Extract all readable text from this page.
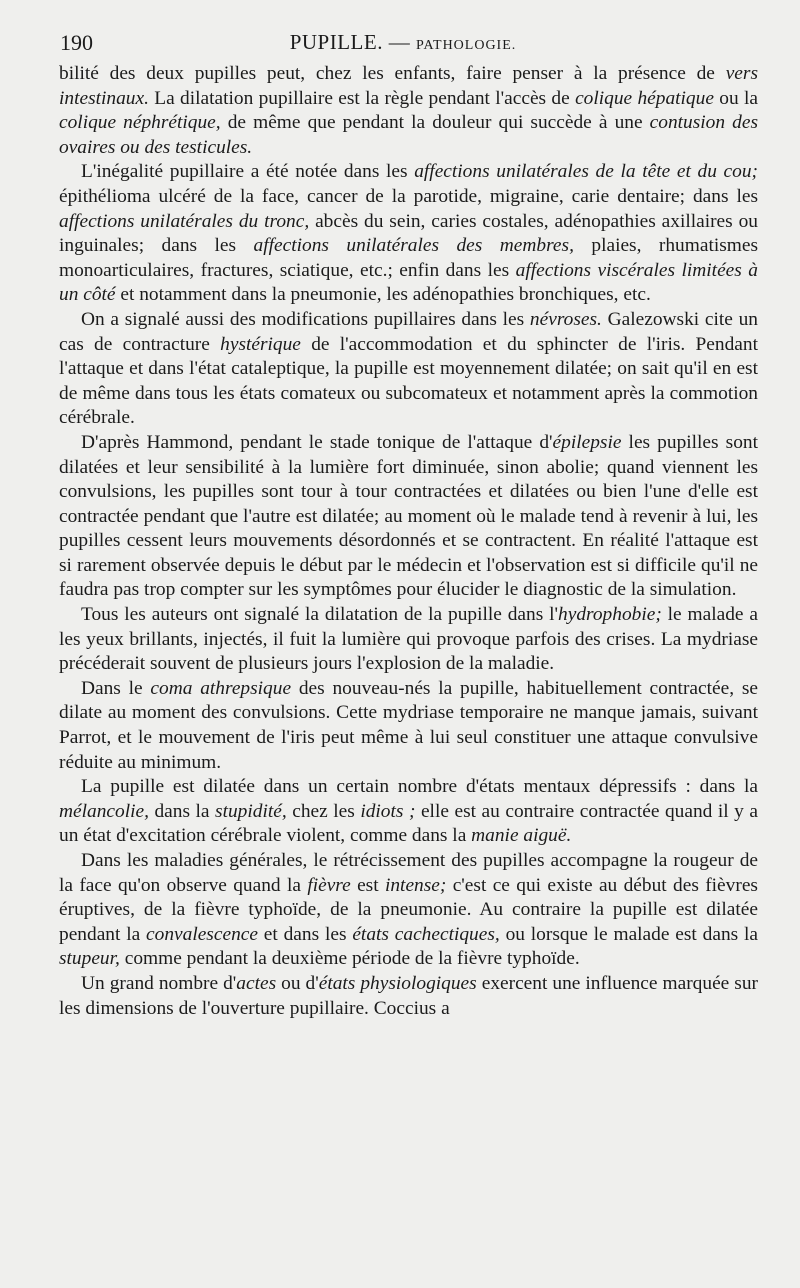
190	PUPILLE. — PATHOLOGIE.

bilité des deux pupilles peut, chez les enfants, faire penser à la présence de vers intestinaux. La dilatation pupillaire est la règle pendant l'accès de colique hépatique ou la colique néphrétique, de même que pendant la douleur qui succède à une contusion des ovaires ou des testicules.

L'inégalité pupillaire a été notée dans les affections unilatérales de la tête et du cou; épithélioma ulcéré de la face, cancer de la parotide, migraine, carie dentaire; dans les affections unilatérales du tronc, abcès du sein, caries costales, adénopathies axillaires ou inguinales; dans les affections unilatérales des membres, plaies, rhumatismes monoarticulaires, fractures, sciatique, etc.; enfin dans les affections viscérales limitées à un côté et notamment dans la pneumonie, les adénopathies bronchiques, etc.

On a signalé aussi des modifications pupillaires dans les névroses. Galezowski cite un cas de contracture hystérique de l'accommodation et du sphincter de l'iris. Pendant l'attaque et dans l'état cataleptique, la pupille est moyennement dilatée; on sait qu'il en est de même dans tous les états comateux ou subcomateux et notamment après la commotion cérébrale.

D'après Hammond, pendant le stade tonique de l'attaque d'épilepsie les pupilles sont dilatées et leur sensibilité à la lumière fort diminuée, sinon abolie; quand viennent les convulsions, les pupilles sont tour à tour contractées et dilatées ou bien l'une d'elle est contractée pendant que l'autre est dilatée; au moment où le malade tend à revenir à lui, les pupilles cessent leurs mouvements désordonnés et se contractent. En réalité l'attaque est si rarement observée depuis le début par le médecin et l'observation est si difficile qu'il ne faudra pas trop compter sur les symptômes pour élucider le diagnostic de la simulation.

Tous les auteurs ont signalé la dilatation de la pupille dans l'hydrophobie; le malade a les yeux brillants, injectés, il fuit la lumière qui provoque parfois des crises. La mydriase précéderait souvent de plusieurs jours l'explosion de la maladie.

Dans le coma athrepsique des nouveau-nés la pupille, habituellement contractée, se dilate au moment des convulsions. Cette mydriase temporaire ne manque jamais, suivant Parrot, et le mouvement de l'iris peut même à lui seul constituer une attaque convulsive réduite au minimum.

La pupille est dilatée dans un certain nombre d'états mentaux dépressifs : dans la mélancolie, dans la stupidité, chez les idiots ; elle est au contraire contractée quand il y a un état d'excitation cérébrale violent, comme dans la manie aiguë.

Dans les maladies générales, le rétrécissement des pupilles accompagne la rougeur de la face qu'on observe quand la fièvre est intense; c'est ce qui existe au début des fièvres éruptives, de la fièvre typhoïde, de la pneumonie. Au contraire la pupille est dilatée pendant la convalescence et dans les états cachectiques, ou lorsque le malade est dans la stupeur, comme pendant la deuxième période de la fièvre typhoïde.

Un grand nombre d'actes ou d'états physiologiques exercent une influence marquée sur les dimensions de l'ouverture pupillaire. Coccius a
